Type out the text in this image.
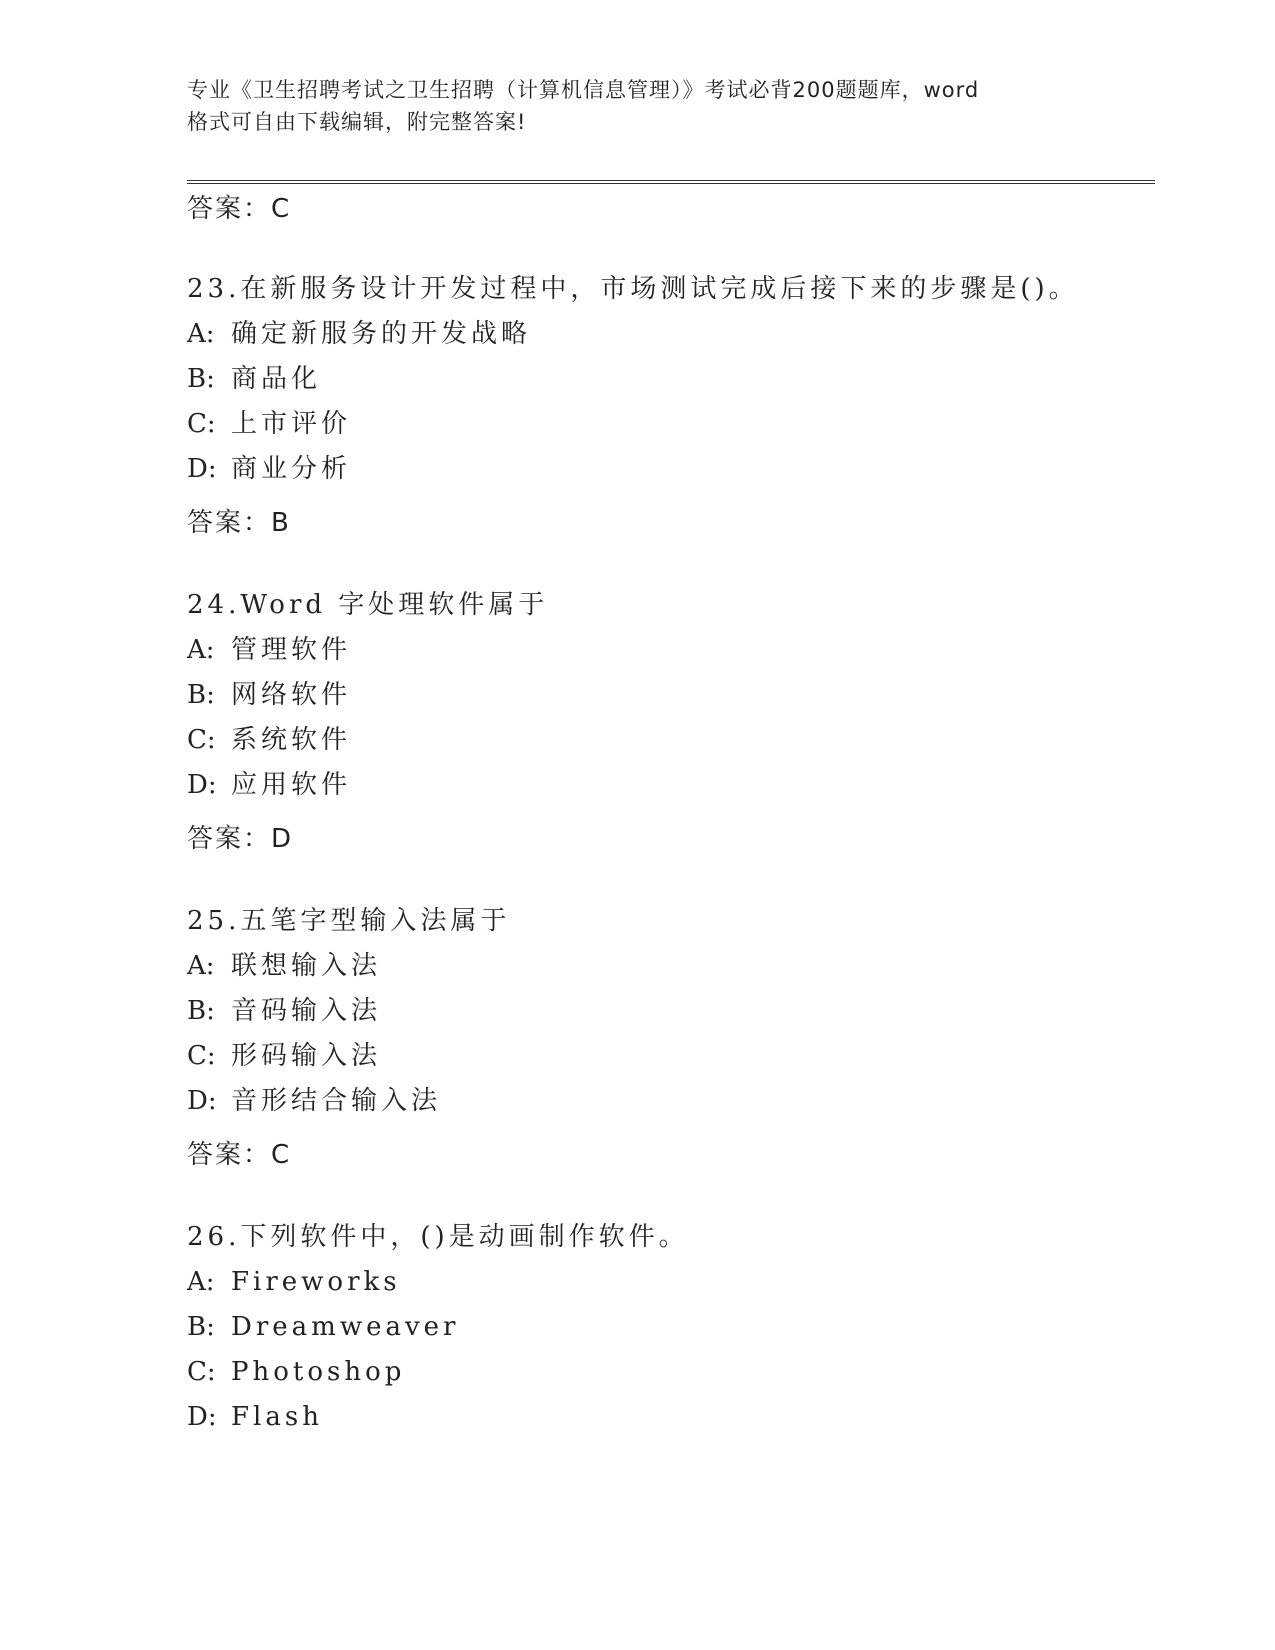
专业《卫生招聘考试之卫生招聘（计算机信息管理）》考试必背200题题库，word
格式可自由下载编辑，附完整答案!
答案：C
23.在新服务设计开发过程中，市场测试完成后接下来的步骤是()。
A: 确定新服务的开发战略
B: 商品化
C: 上市评价
D: 商业分析
答案：B
24.Word 字处理软件属于
A: 管理软件
B: 网络软件
C: 系统软件
D: 应用软件
答案：D
25.五笔字型输入法属于
A: 联想输入法
B: 音码输入法
C: 形码输入法
D: 音形结合输入法
答案：C
26.下列软件中，()是动画制作软件。
A: Fireworks
B: Dreamweaver
C: Photoshop
D: Flash
